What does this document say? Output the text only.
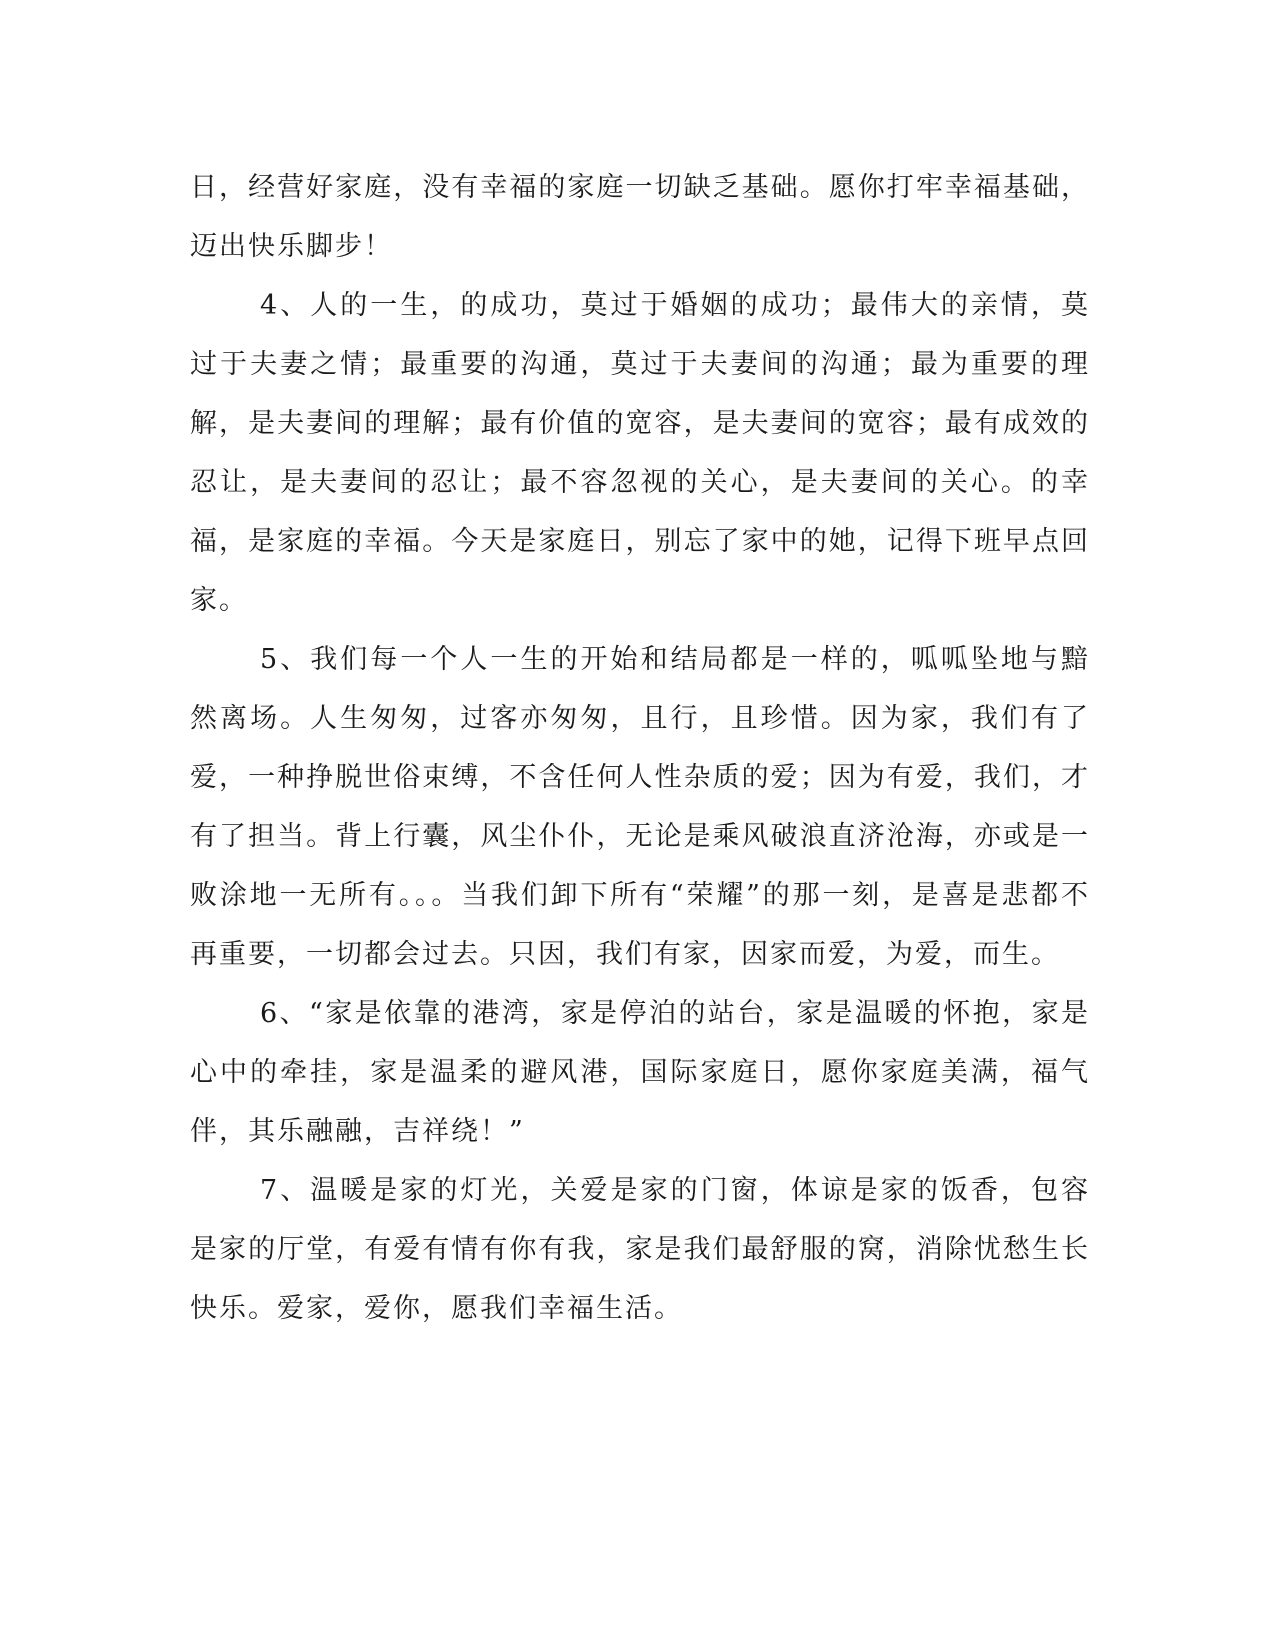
日，经营好家庭，没有幸福的家庭一切缺乏基础。愿你打牢幸福基础，迈出快乐脚步！

4、人的一生，的成功，莫过于婚姻的成功；最伟大的亲情，莫过于夫妻之情；最重要的沟通，莫过于夫妻间的沟通；最为重要的理解，是夫妻间的理解；最有价值的宽容，是夫妻间的宽容；最有成效的忍让，是夫妻间的忍让；最不容忽视的关心，是夫妻间的关心。的幸福，是家庭的幸福。今天是家庭日，别忘了家中的她，记得下班早点回家。

5、我们每一个人一生的开始和结局都是一样的，呱呱坠地与黯然离场。人生匆匆，过客亦匆匆，且行，且珍惜。因为家，我们有了爱，一种挣脱世俗束缚，不含任何人性杂质的爱；因为有爱，我们，才有了担当。背上行囊，风尘仆仆，无论是乘风破浪直济沧海，亦或是一败涂地一无所有。。。当我们卸下所有“荣耀”的那一刻，是喜是悲都不再重要，一切都会过去。只因，我们有家，因家而爱，为爱，而生。

6、“家是依靠的港湾，家是停泊的站台，家是温暖的怀抱，家是心中的牵挂，家是温柔的避风港，国际家庭日，愿你家庭美满，福气伴，其乐融融，吉祥绕！”

7、温暖是家的灯光，关爱是家的门窗，体谅是家的饭香，包容是家的厅堂，有爱有情有你有我，家是我们最舒服的窝，消除忧愁生长快乐。爱家，爱你，愿我们幸福生活。
